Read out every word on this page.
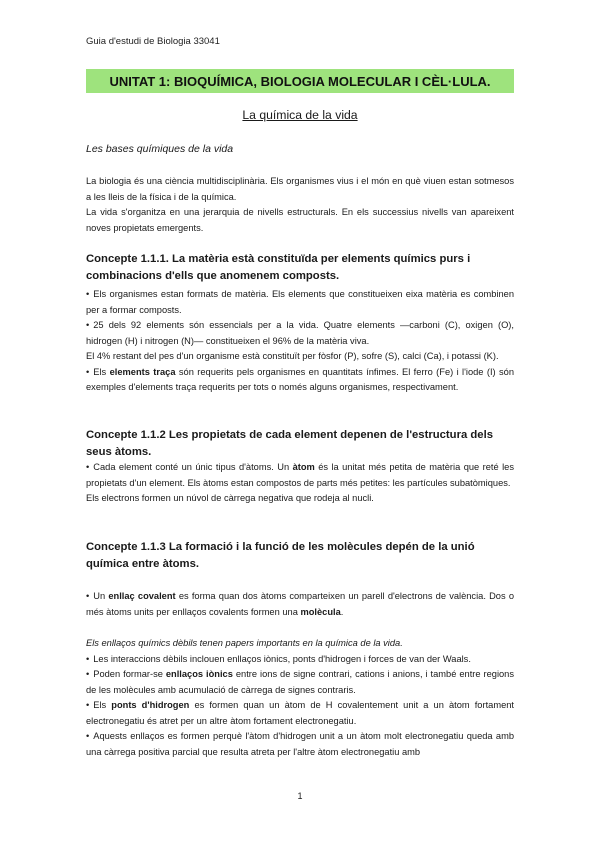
Guia d'estudi de Biologia 33041
UNITAT 1: BIOQUÍMICA, BIOLOGIA MOLECULAR I CÈL·LULA.
La química de la vida
Les bases químiques de la vida

La biologia és una ciència multidisciplinària. Els organismes vius i el món en què viuen estan sotmesos a les lleis de la física i de la química.

La vida s'organitza en una jerarquia de nivells estructurals. En els successius nivells van apareixent noves propietats emergents.

Concepte 1.1.1. La matèria està constituïda per elements químics purs i combinacions d'ells que anomenem composts.

• Els organismes estan formats de matèria. Els elements que constitueixen eixa matèria es combinen per a formar composts.

• 25 dels 92 elements són essencials per a la vida. Quatre elements —carboni (C), oxigen (O), hidrogen (H) i nitrogen (N)— constitueixen el 96% de la matèria viva.

El 4% restant del pes d'un organisme està constituït per fòsfor (P), sofre (S), calci (Ca), i potassi (K).

• Els elements traça són requerits pels organismes en quantitats ínfimes. El ferro (Fe) i l'iode (I) són exemples d'elements traça requerits per tots o només alguns organismes, respectivament.

Concepte 1.1.2 Les propietats de cada element depenen de l'estructura dels seus àtoms.

• Cada element conté un únic tipus d'àtoms. Un àtom és la unitat més petita de matèria que reté les propietats d'un element. Els àtoms estan compostos de parts més petites: les partícules subatòmiques.

Els electrons formen un núvol de càrrega negativa que rodeja al nucli.

Concepte 1.1.3 La formació i la funció de les molècules depén de la unió química entre àtoms.

• Un enllaç covalent es forma quan dos àtoms comparteixen un parell d'electrons de valència. Dos o més àtoms units per enllaços covalents formen una molècula.

Els enllaços químics dèbils tenen papers importants en la química de la vida.

• Les interaccions dèbils inclouen enllaços iònics, ponts d'hidrogen i forces de van der Waals.

• Poden formar-se enllaços iònics entre ions de signe contrari, cations i anions, i també entre regions de les molècules amb acumulació de càrrega de signes contraris.

• Els ponts d'hidrogen es formen quan un àtom de H covalentement unit a un àtom fortament electronegatiu és atret per un altre àtom fortament electronegatiu.

• Aquests enllaços es formen perquè l'àtom d'hidrogen unit a un àtom molt electronegatiu queda amb una càrrega positiva parcial que resulta atreta per l'altre àtom electronegatiu amb

1
